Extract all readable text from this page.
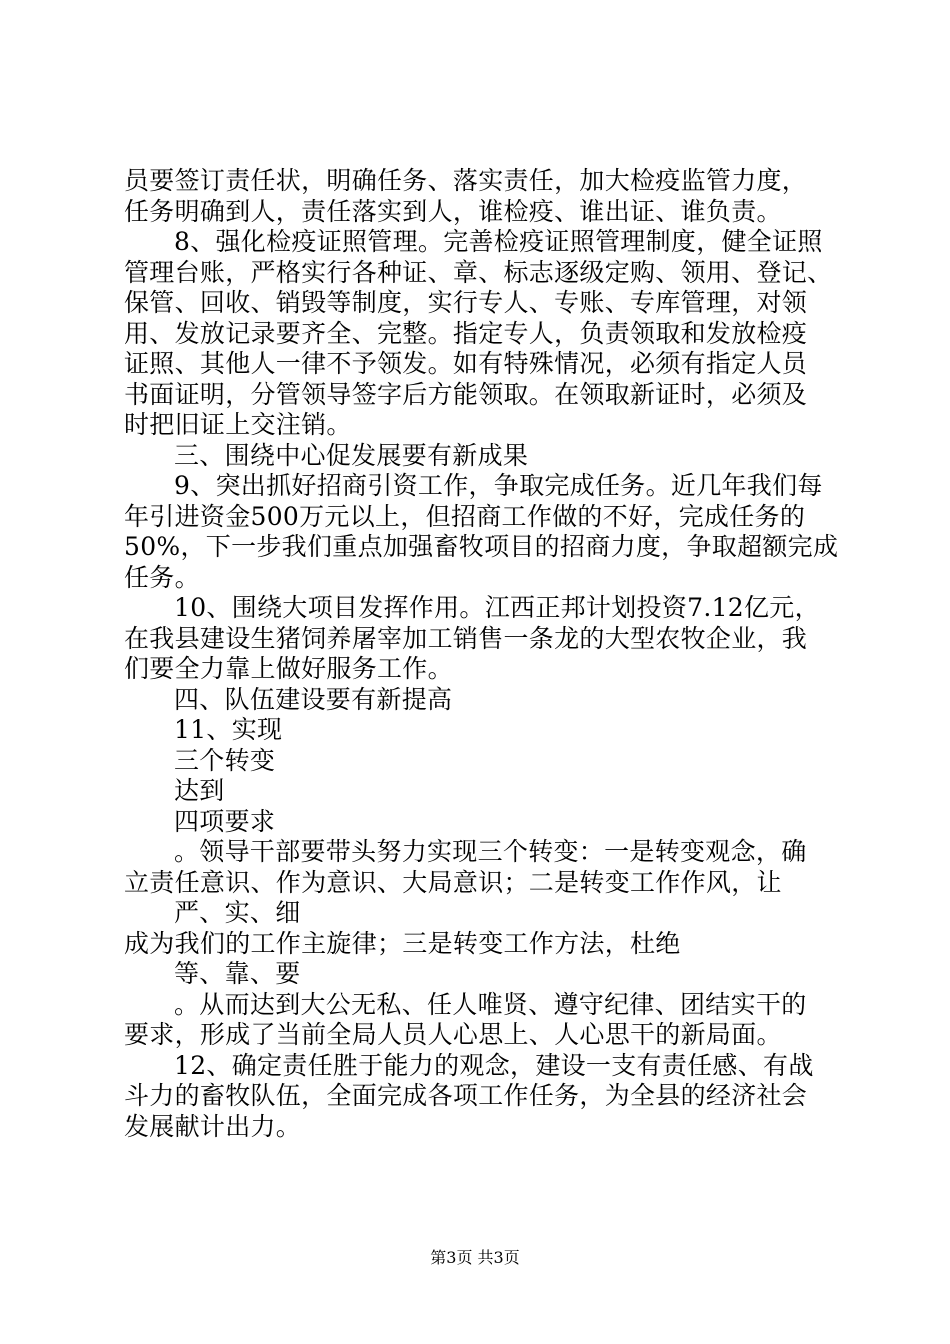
员要签订责任状，明确任务、落实责任，加大检疫监管力度，

任务明确到人，责任落实到人，谁检疫、谁出证、谁负责。

8、强化检疫证照管理。完善检疫证照管理制度，健全证照

管理台账，严格实行各种证、章、标志逐级定购、领用、登记、

保管、回收、销毁等制度，实行专人、专账、专库管理，对领

用、发放记录要齐全、完整。指定专人，负责领取和发放检疫

证照、其他人一律不予领发。如有特殊情况，必须有指定人员

书面证明，分管领导签字后方能领取。在领取新证时，必须及

时把旧证上交注销。

三、围绕中心促发展要有新成果

9、突出抓好招商引资工作，争取完成任务。近几年我们每

年引进资金500万元以上，但招商工作做的不好，完成任务的

50%，下一步我们重点加强畜牧项目的招商力度，争取超额完成

任务。

10、围绕大项目发挥作用。江西正邦计划投资7.12亿元，

在我县建设生猪饲养屠宰加工销售一条龙的大型农牧企业，我

们要全力靠上做好服务工作。

四、队伍建设要有新提高

11、实现

三个转变

达到

四项要求

。领导干部要带头努力实现三个转变：一是转变观念，确

立责任意识、作为意识、大局意识；二是转变工作作风，让

严、实、细

成为我们的工作主旋律；三是转变工作方法，杜绝

等、靠、要

。从而达到大公无私、任人唯贤、遵守纪律、团结实干的

要求，形成了当前全局人员人心思上、人心思干的新局面。

12、确定责任胜于能力的观念，建设一支有责任感、有战

斗力的畜牧队伍，全面完成各项工作任务，为全县的经济社会

发展献计出力。

第3页 共3页
